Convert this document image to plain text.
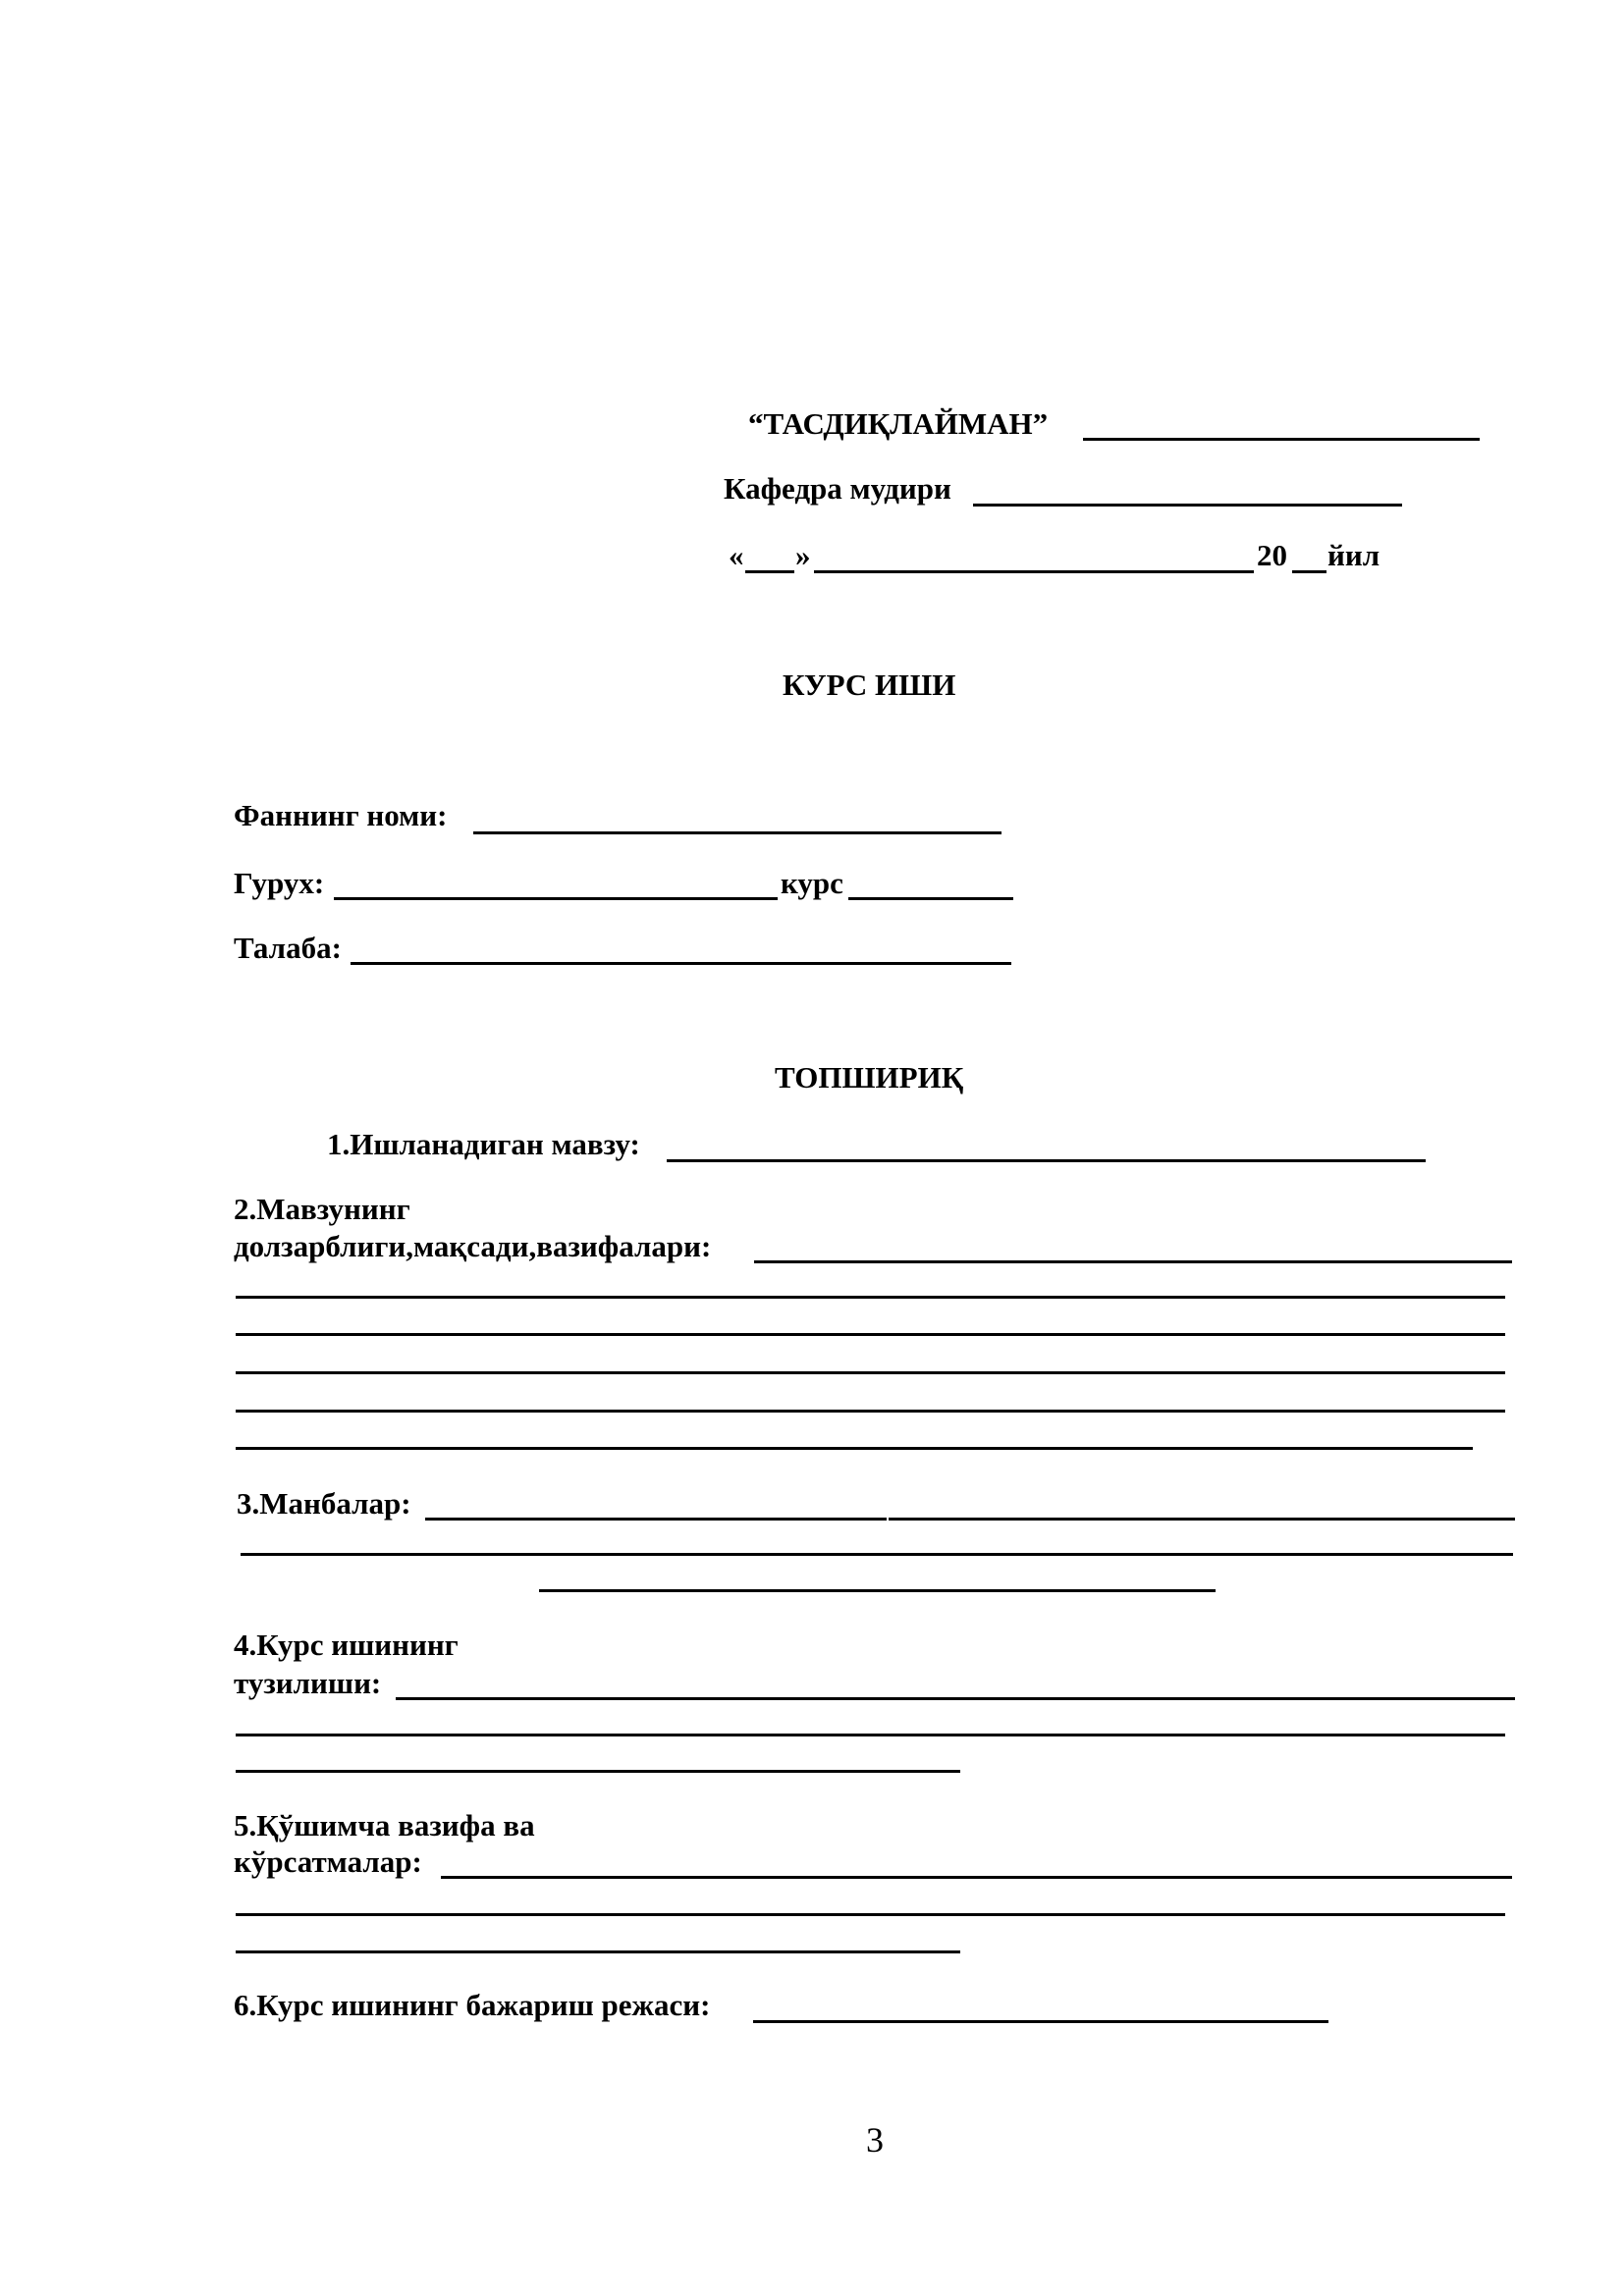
“ТАСДИҚЛАЙМАН”
Кафедра мудири
« »	20 йил
КУРС ИШИ
Фаннинг номи:
Гурух:	курс
Талаба:
ТОПШИРИҚ
1.Ишланадиган мавзу:
2.Мавзунинг
долзарблиги,мақсади,вазифалари:
3.Манбалар:
4.Курс ишининг
тузилиши:
5.Қўшимча вазифа ва
кўрсатмалар:
6.Курс ишининг бажариш режаси:
3
